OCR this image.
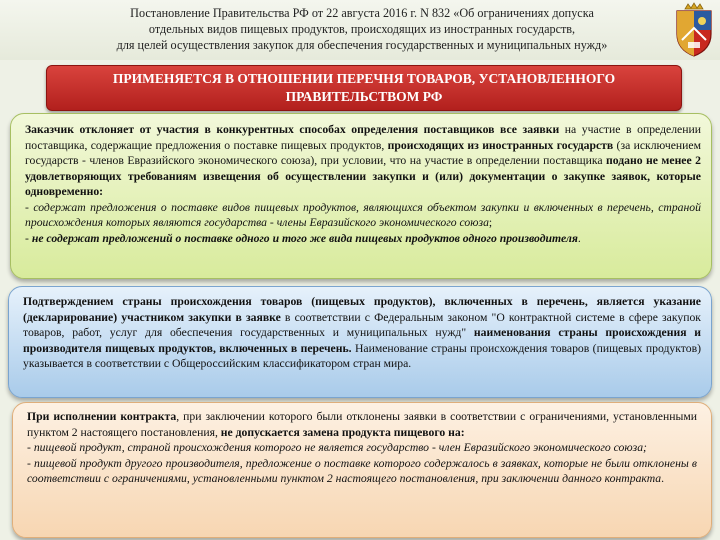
Постановление Правительства РФ от 22 августа 2016 г. N 832 «Об ограничениях допуска
отдельных видов пищевых продуктов, происходящих из иностранных государств,
для целей осуществления закупок для обеспечения государственных и муниципальных нужд»
ПРИМЕНЯЕТСЯ В ОТНОШЕНИИ ПЕРЕЧНЯ ТОВАРОВ, УСТАНОВЛЕННОГО
ПРАВИТЕЛЬСТВОМ РФ

Заказчик отклоняет от участия в конкурентных способах определения поставщиков все заявки на участие в определении поставщика, содержащие предложения о поставке пищевых продуктов, происходящих из иностранных государств (за исключением государств - членов Евразийского экономического союза), при условии, что на участие в определении поставщика подано не менее 2 удовлетворяющих требованиям извещения об осуществлении закупки и (или) документации о закупке заявок, которые одновременно:

- содержат предложения о поставке видов пищевых продуктов, являющихся объектом закупки и включенных в перечень, страной происхождения которых являются государства - члены Евразийского экономического союза;

- не содержат предложений о поставке одного и того же вида пищевых продуктов одного производителя.

Подтверждением страны происхождения товаров (пищевых продуктов), включенных в перечень, является указание (декларирование) участником закупки в заявке в соответствии с Федеральным законом "О контрактной системе в сфере закупок товаров, работ, услуг для обеспечения государственных и муниципальных нужд" наименования страны происхождения и производителя пищевых продуктов, включенных в перечень. Наименование страны происхождения товаров (пищевых продуктов) указывается в соответствии с Общероссийским классификатором стран мира.

При исполнении контракта, при заключении которого были отклонены заявки в соответствии с ограничениями, установленными пунктом 2 настоящего постановления, не допускается замена продукта пищевого на:

- пищевой продукт, страной происхождения которого не является государство - член Евразийского экономического союза;

- пищевой продукт другого производителя, предложение о поставке которого содержалось в заявках, которые не были отклонены в соответствии с ограничениями, установленными пунктом 2 настоящего постановления, при заключении данного контракта.
